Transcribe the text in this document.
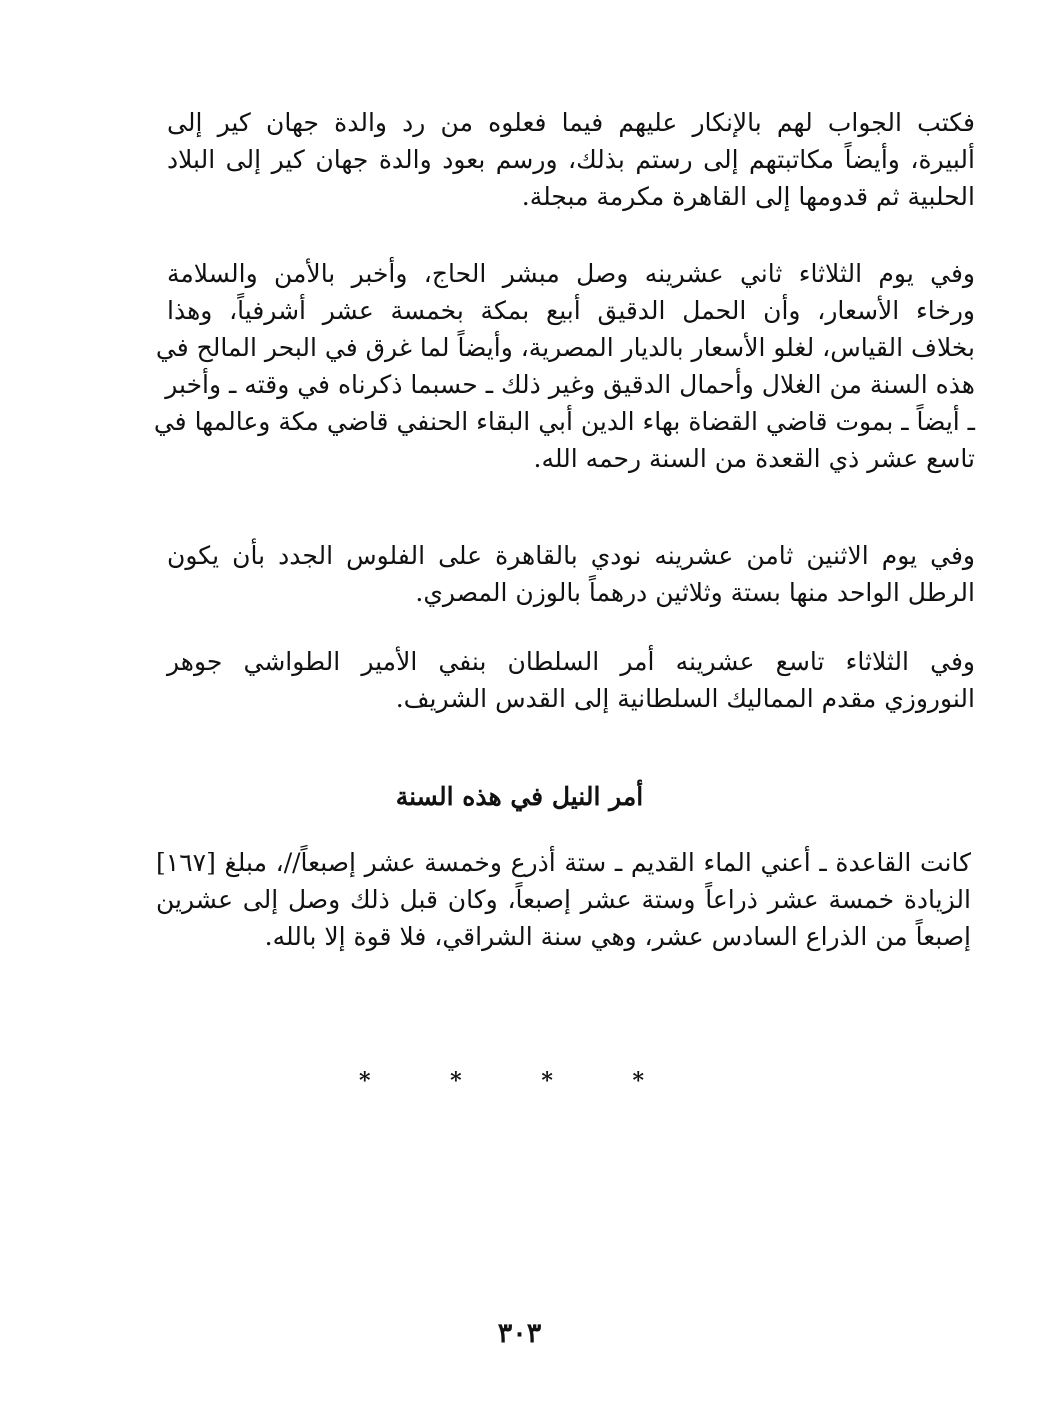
فكتب الجواب لهم بالإنكار عليهم فيما فعلوه من رد والدة جهان كير إلى
ألبيرة، وأيضاً مكاتبتهم إلى رستم بذلك، ورسم بعود والدة جهان كير إلى البلاد
الحلبية ثم قدومها إلى القاهرة مكرمة مبجلة.
وفي يوم الثلاثاء ثاني عشرينه وصل مبشر الحاج، وأخبر بالأمن والسلامة
ورخاء الأسعار، وأن الحمل الدقيق أبيع بمكة بخمسة عشر أشرفياً، وهذا
بخلاف القياس، لغلو الأسعار بالديار المصرية، وأيضاً لما غرق في البحر المالح في
هذه السنة من الغلال وأحمال الدقيق وغير ذلك ـ حسبما ذكرناه في وقته ـ وأخبر
ـ أيضاً ـ بموت قاضي القضاة بهاء الدين أبي البقاء الحنفي قاضي مكة وعالمها في
تاسع عشر ذي القعدة من السنة رحمه الله.
وفي يوم الاثنين ثامن عشرينه نودي بالقاهرة على الفلوس الجدد بأن يكون
الرطل الواحد منها بستة وثلاثين درهماً بالوزن المصري.
وفي الثلاثاء تاسع عشرينه أمر السلطان بنفي الأمير الطواشي جوهر
النوروزي مقدم المماليك السلطانية إلى القدس الشريف.
أمر النيل في هذه السنة
كانت القاعدة ـ أعني الماء القديم ـ ستة أذرع وخمسة عشر إصبعاً//، مبلغ [١٦٧]
الزيادة خمسة عشر ذراعاً وستة عشر إصبعاً، وكان قبل ذلك وصل إلى عشرين
إصبعاً من الذراع السادس عشر، وهي سنة الشراقي، فلا قوة إلا بالله.
* * * *
٣٠٣
